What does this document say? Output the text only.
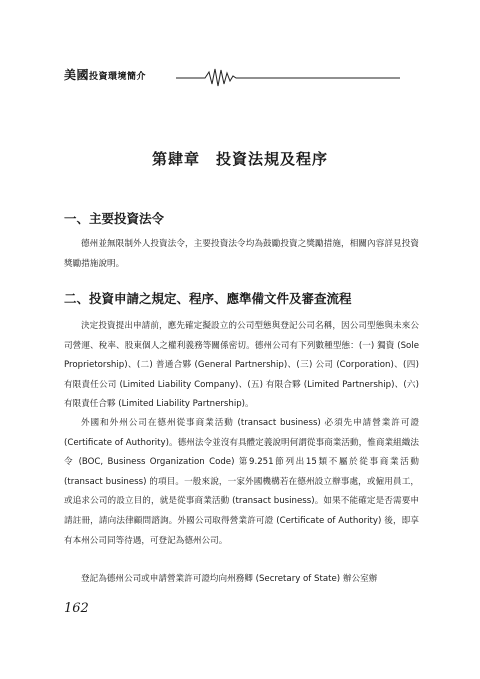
美國投資環境簡介
第肆章　投資法規及程序
一、主要投資法令

德州並無限制外人投資法令，主要投資法令均為鼓勵投資之獎勵措施，相關內容詳見投資獎勵措施說明。

二、投資申請之規定、程序、應準備文件及審查流程

決定投資提出申請前，應先確定擬設立的公司型態與登記公司名稱，因公司型態與未來公司營運、稅率、股東個人之權利義務等關係密切。德州公司有下列數種型態：(一) 獨資 (Sole Proprietorship)、(二) 普通合夥 (General Partnership)、(三) 公司 (Corporation)、(四) 有限責任公司 (Limited Liability Company)、(五) 有限合夥 (Limited Partnership)、(六) 有限責任合夥 (Limited Liability Partnership)。

外國和外州公司在德州從事商業活動 (transact business) 必須先申請營業許可證 (Certificate of Authority)。德州法令並沒有具體定義說明何謂從事商業活動，惟商業組織法令 (BOC, Business Organization Code) 第9.251節列出15類不屬於從事商業活動 (transact business) 的項目。一般來說，一家外國機構若在德州設立辦事處，或僱用員工，或追求公司的設立目的，就是從事商業活動 (transact business)。如果不能確定是否需要申請註冊，請向法律顧問諮詢。外國公司取得營業許可證 (Certificate of Authority) 後，即享有本州公司同等待遇，可登記為德州公司。

登記為德州公司或申請營業許可證均向州務卿 (Secretary of State) 辦公室辦

162
